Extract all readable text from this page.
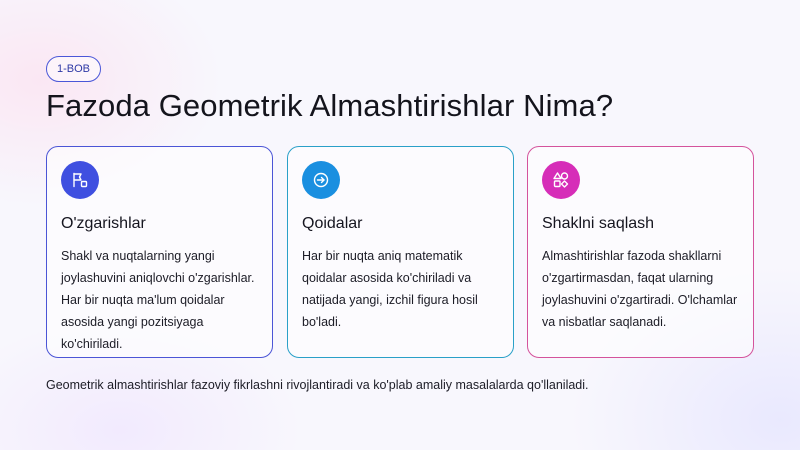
1-BOB
Fazoda Geometrik Almashtirishlar Nima?
O'zgarishlar

Shakl va nuqtalarning yangi joylashuvini aniqlovchi o'zgarishlar. Har bir nuqta ma'lum qoidalar asosida yangi pozitsiyaga ko'chiriladi.

Qoidalar

Har bir nuqta aniq matematik qoidalar asosida ko'chiriladi va natijada yangi, izchil figura hosil bo'ladi.

Shaklni saqlash

Almashtirishlar fazoda shakllarni o'zgartirmasdan, faqat ularning joylashuvini o'zgartiradi. O'lchamlar va nisbatlar saqlanadi.

Geometrik almashtirishlar fazoviy fikrlashni rivojlantiradi va ko'plab amaliy masalalarda qo'llaniladi.
